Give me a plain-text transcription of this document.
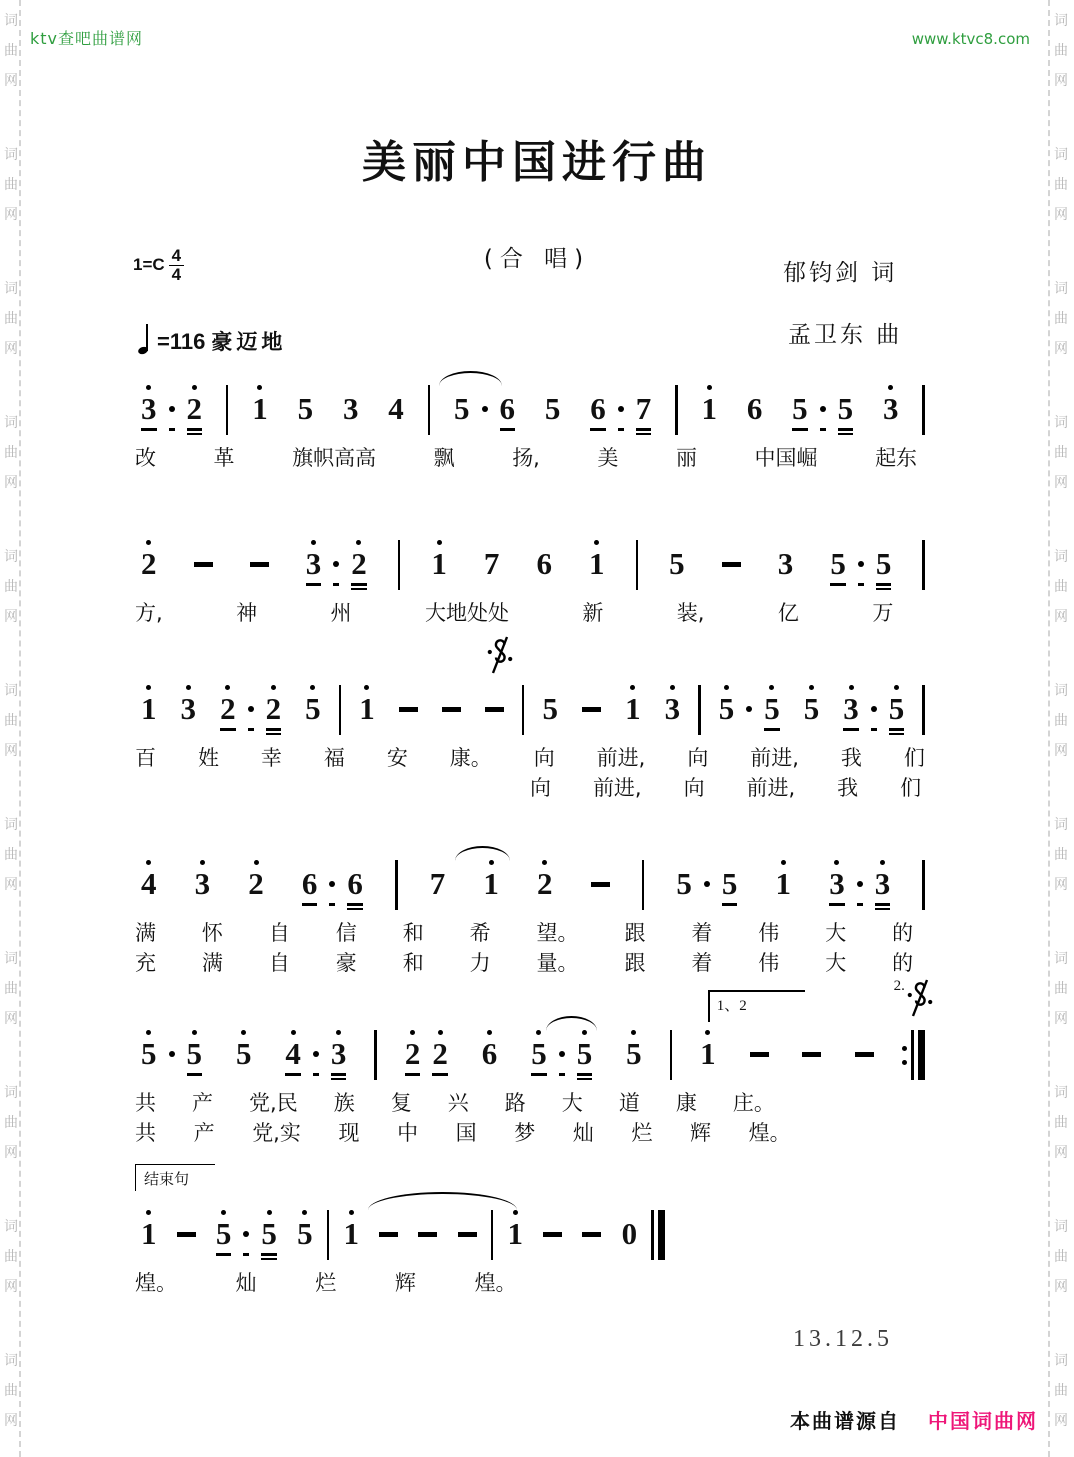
词
曲
网
词
曲
网
词
曲
网
词
曲
网
词
曲
网
词
曲
网
词
曲
网
词
曲
网
词
曲
网
词
曲
网
词
曲
网
词
曲
网
词
曲
网
词
曲
网
词
曲
网
词
曲
网
词
曲
网
词
曲
网
词
曲
网
词
曲
网
词
曲
网
词
曲
网
ktv查吧曲谱网	www.ktvc8.com
美丽中国进行曲
(合 唱)
$1=C \frac{4}{4}$	郁钧剑 词
孟卫东 曲
=116 豪迈地
3 2 1 5 3 4 5 6 5 6 7 1 6 5 5 3
改	革	旗帜高高	飘	扬,	美	丽	中国崛	起东
2	3 2 1 7 6 1 5	3 5 5
方,	神	州	大地处处	新	装,	亿	万
1 3 2 2 5 1	5 1 3 5 5 5 3 5
百 姓 幸 福 安 康。 向 前进, 向 前进, 我 们
向 前进, 向 前进, 我 们
4 3 2 6 6 7 1 2	5 5 1 3 3
满 怀 自 信 和 希 望。 跟 着 伟 大 的
充 满 自 豪 和 力 量。 跟 着 伟 大 的
5 5 5 4 3 2 2 6 5 5 5 1
1、2
2.
共 产 党,民 族 复 兴 路 大 道 康 庄。
共 产 党,实 现 中 国 梦 灿 烂 辉 煌。
1 5 5 5 1	1	0
结束句
煌。	灿	烂	辉	煌。
13.12.5
本曲谱源自 中国词曲网
